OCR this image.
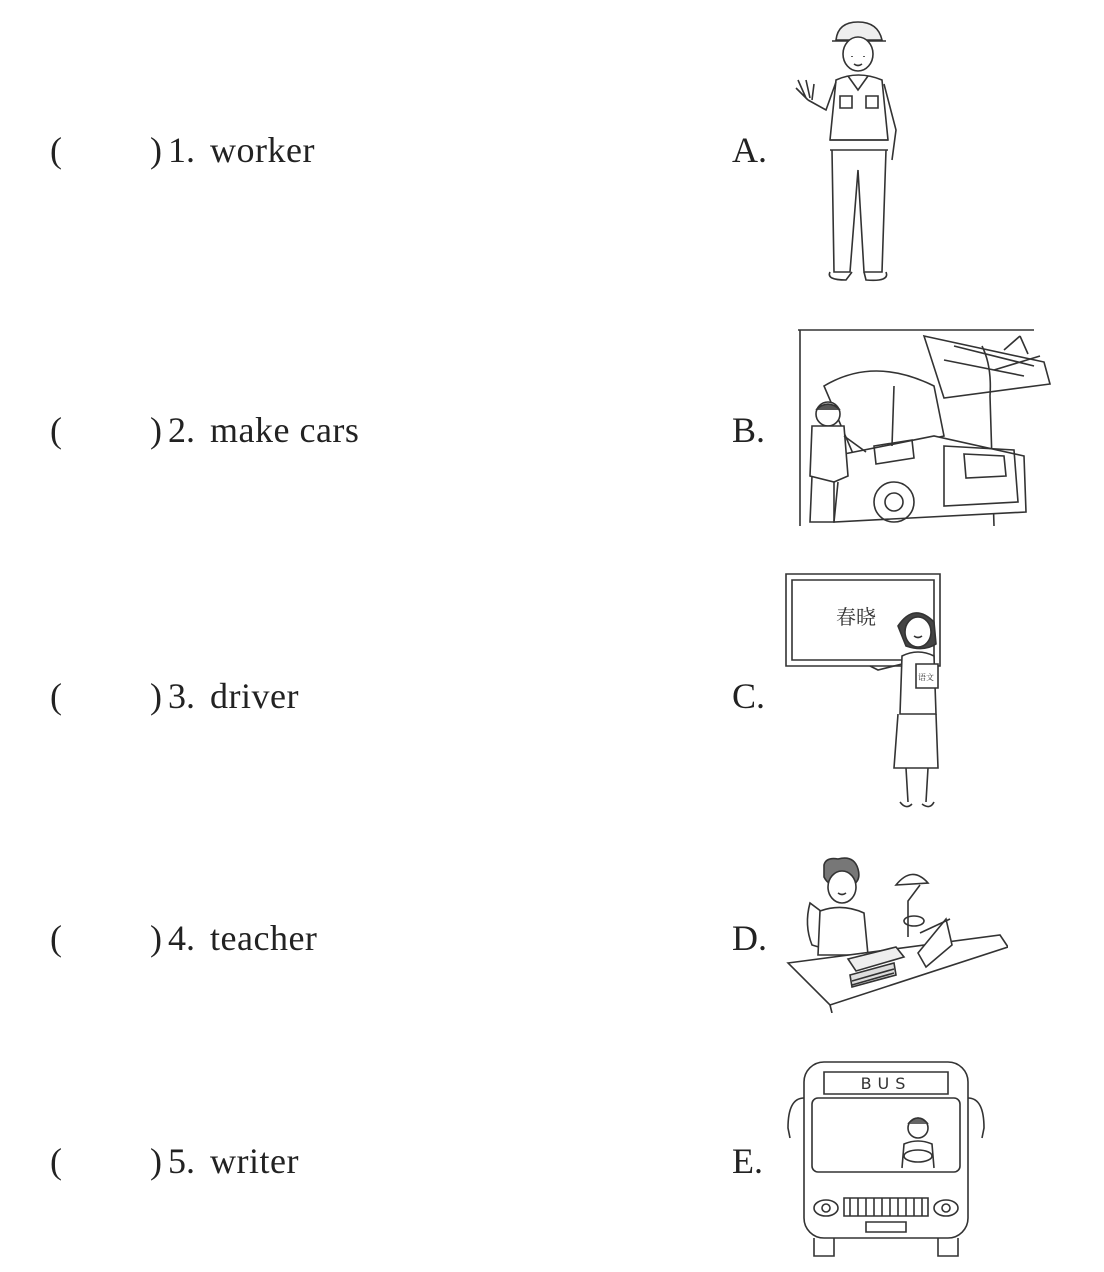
( ) 1. worker	A.
( ) 2. make cars	B.
( ) 3. driver	C.
( ) 4. teacher	D.
( ) 5. writer	E.
春晓
语文
BUS
